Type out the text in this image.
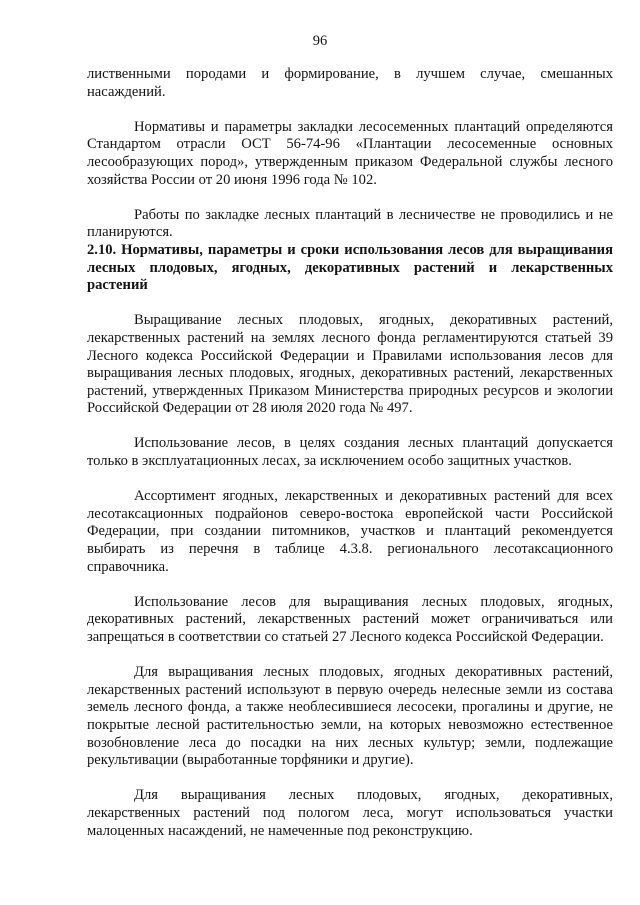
96

лиственными породами и формирование, в лучшем случае, смешанных насаждений.

Нормативы и параметры закладки лесосеменных плантаций определяются Стандартом отрасли ОСТ 56-74-96 «Плантации лесосеменные основных лесообразующих пород», утвержденным приказом Федеральной службы лесного хозяйства России от 20 июня 1996 года № 102.

Работы по закладке лесных плантаций в лесничестве не проводились и не планируются.

2.10. Нормативы, параметры и сроки использования лесов для выращивания лесных плодовых, ягодных, декоративных растений и лекарственных растений

Выращивание лесных плодовых, ягодных, декоративных растений, лекарственных растений на землях лесного фонда регламентируются статьей 39 Лесного кодекса Российской Федерации и Правилами использования лесов для выращивания лесных плодовых, ягодных, декоративных растений, лекарственных растений, утвержденных Приказом Министерства природных ресурсов и экологии Российской Федерации от 28 июля 2020 года № 497.

Использование лесов, в целях создания лесных плантаций допускается только в эксплуатационных лесах, за исключением особо защитных участков.

Ассортимент ягодных, лекарственных и декоративных растений для всех лесотаксационных подрайонов северо-востока европейской части Российской Федерации, при создании питомников, участков и плантаций рекомендуется выбирать из перечня в таблице 4.3.8. регионального лесотаксационного справочника.

Использование лесов для выращивания лесных плодовых, ягодных, декоративных растений, лекарственных растений может ограничиваться или запрещаться в соответствии со статьей 27 Лесного кодекса Российской Федерации.

Для выращивания лесных плодовых, ягодных декоративных растений, лекарственных растений используют в первую очередь нелесные земли из состава земель лесного фонда, а также необлесившиеся лесосеки, прогалины и другие, не покрытые лесной растительностью земли, на которых невозможно естественное возобновление леса до посадки на них лесных культур; земли, подлежащие рекультивации (выработанные торфяники и другие).

Для выращивания лесных плодовых, ягодных, декоративных, лекарственных растений под пологом леса, могут использоваться участки малоценных насаждений, не намеченные под реконструкцию.
